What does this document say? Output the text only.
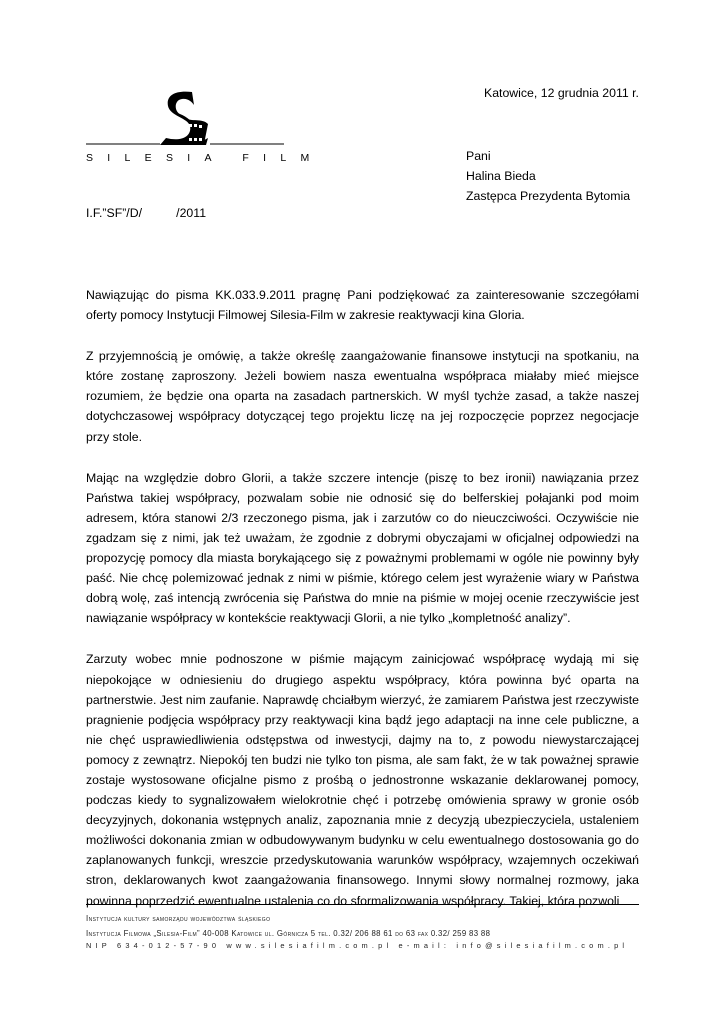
Katowice, 12 grudnia 2011 r.
SILESIA FILM	Pani
Halina Bieda
Zastępca Prezydenta Bytomia
I.F.”SF”/D/          /2011

Nawiązując do pisma KK.033.9.2011 pragnę Pani podziękować za zainteresowanie szczegółami oferty pomocy Instytucji Filmowej Silesia-Film w zakresie reaktywacji kina Gloria.

Z przyjemnością je omówię, a także określę zaangażowanie finansowe instytucji na spotkaniu, na które zostanę zaproszony. Jeżeli bowiem nasza ewentualna współpraca miałaby mieć miejsce rozumiem, że będzie ona oparta na zasadach partnerskich. W myśl tychże zasad, a także naszej dotychczasowej współpracy dotyczącej tego projektu liczę na jej rozpoczęcie poprzez negocjacje przy stole.

Mając na względzie dobro Glorii, a także szczere intencje (piszę to bez ironii) nawiązania przez Państwa takiej współpracy, pozwalam sobie nie odnosić się do belferskiej połajanki pod moim adresem, która stanowi 2/3 rzeczonego pisma, jak i zarzutów co do nieuczciwości. Oczywiście nie zgadzam się z nimi, jak też uważam, że zgodnie z dobrymi obyczajami w oficjalnej odpowiedzi na propozycję pomocy dla miasta borykającego się z poważnymi problemami w ogóle nie powinny były paść. Nie chcę polemizować jednak z nimi w piśmie, którego celem jest wyrażenie wiary w Państwa dobrą wolę, zaś intencją zwrócenia się Państwa do mnie na piśmie w mojej ocenie rzeczywiście jest nawiązanie współpracy w kontekście reaktywacji Glorii, a nie tylko „kompletność analizy”.

Zarzuty wobec mnie podnoszone w piśmie mającym zainicjować współpracę wydają mi się niepokojące w odniesieniu do drugiego aspektu współpracy, która powinna być oparta na partnerstwie. Jest nim zaufanie. Naprawdę chciałbym wierzyć, że zamiarem Państwa jest rzeczywiste pragnienie podjęcia współpracy przy reaktywacji kina bądź jego adaptacji na inne cele publiczne, a nie chęć usprawiedliwienia odstępstwa od inwestycji, dajmy na to, z powodu niewystarczającej pomocy z zewnątrz. Niepokój ten budzi nie tylko ton pisma, ale sam fakt, że w tak poważnej sprawie zostaje wystosowane oficjalne pismo z prośbą o jednostronne wskazanie deklarowanej pomocy, podczas kiedy to sygnalizowałem wielokrotnie chęć i potrzebę omówienia sprawy w gronie osób decyzyjnych, dokonania wstępnych analiz, zapoznania mnie z decyzją ubezpieczyciela, ustaleniem możliwości dokonania zmian w odbudowywanym budynku w celu ewentualnego dostosowania go do zaplanowanych funkcji, wreszcie przedyskutowania warunków współpracy, wzajemnych oczekiwań stron, deklarowanych kwot zaangażowania finansowego. Innymi słowy normalnej rozmowy, jaka powinna poprzedzić ewentualne ustalenia co do sformalizowania współpracy. Takiej, która pozwoli

Instytucja kultury samorządu województwa śląskiego
Instytucja Filmowa „Silesia-Film” 40-008 Katowice ul. Górnicza 5 tel. 0.32/ 206 88 61 do 63 fax 0.32/ 259 83 88
NIP 634-012-57-90 www.silesiafilm.com.pl e-mail: info@silesiafilm.com.pl
